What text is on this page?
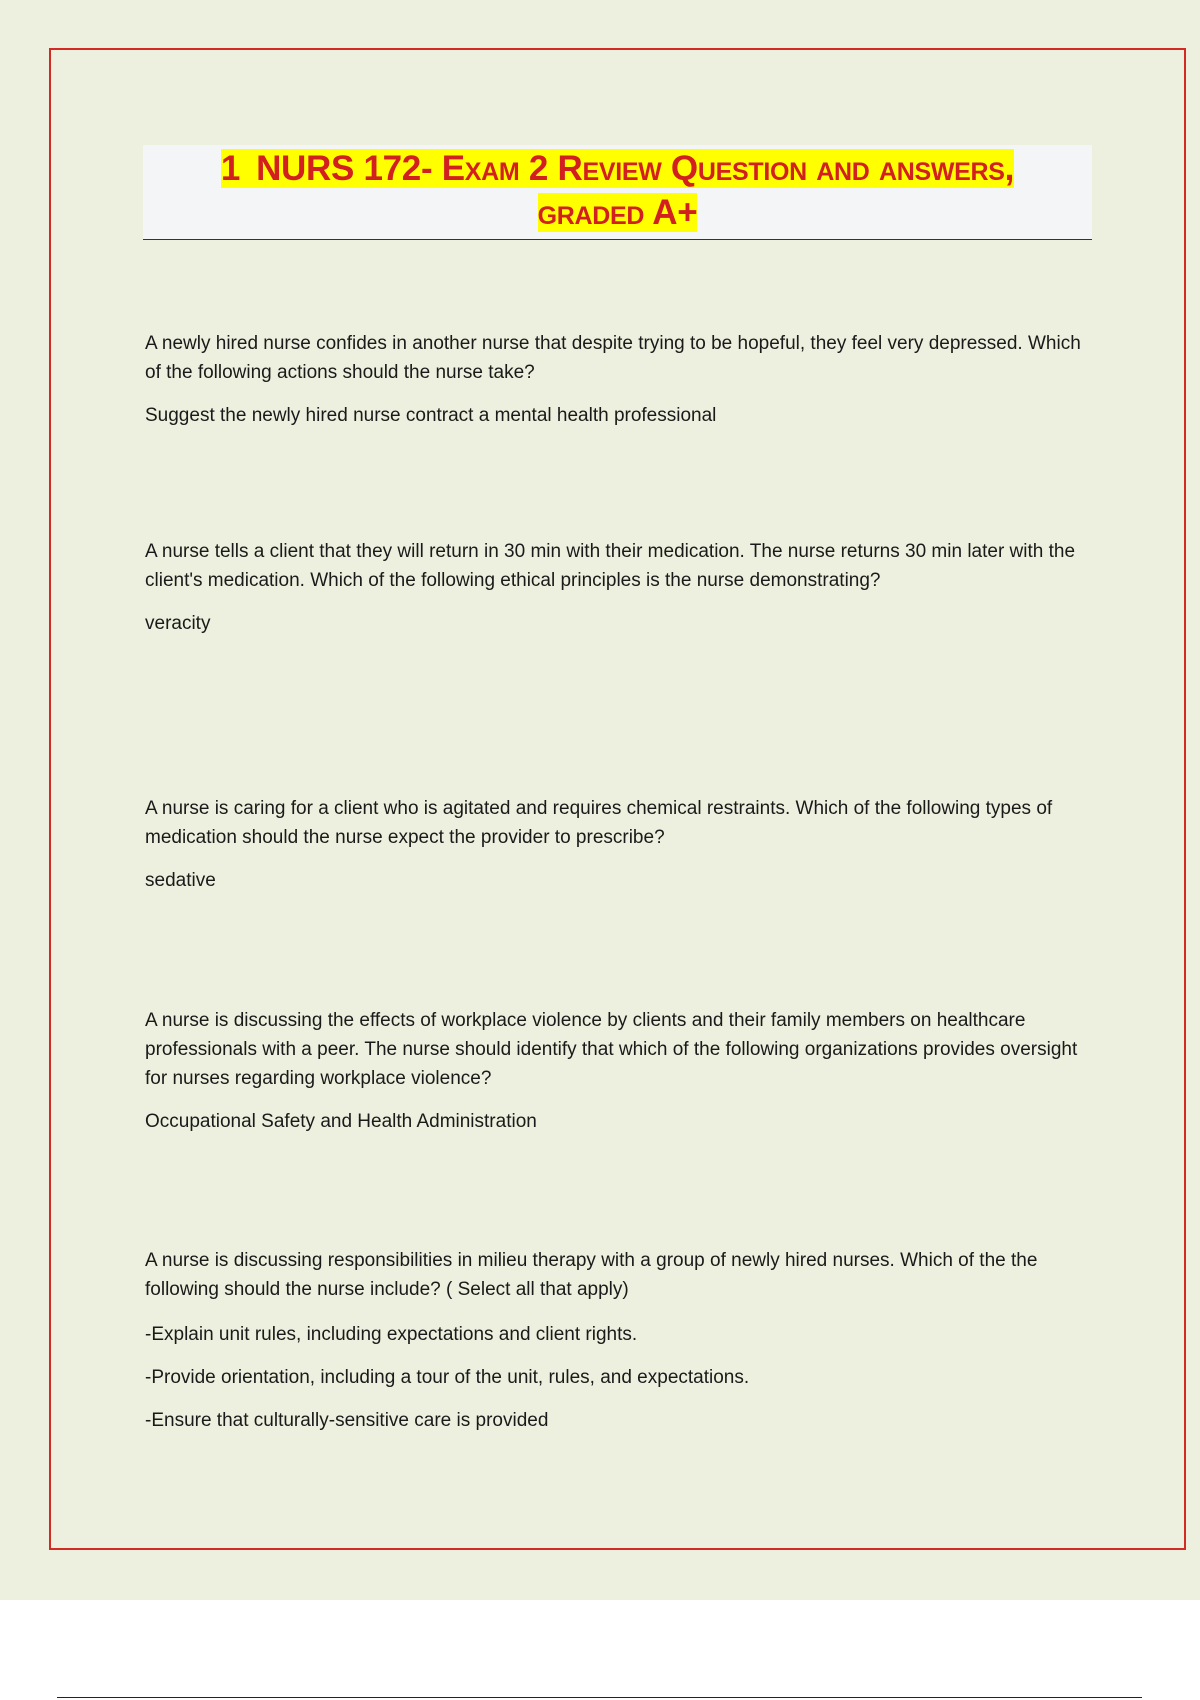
1 NURS 172- Exam 2 Review Question and answers,
graded A+

A newly hired nurse confides in another nurse that despite trying to be hopeful, they feel very depressed. Which of the following actions should the nurse take?

Suggest the newly hired nurse contract a mental health professional

A nurse tells a client that they will return in 30 min with their medication. The nurse returns 30 min later with the client's medication. Which of the following ethical principles is the nurse demonstrating?

veracity

A nurse is caring for a client who is agitated and requires chemical restraints. Which of the following types of medication should the nurse expect the provider to prescribe?

sedative

A nurse is discussing the effects of workplace violence by clients and their family members on healthcare professionals with a peer. The nurse should identify that which of the following organizations provides oversight for nurses regarding workplace violence?

Occupational Safety and Health Administration

A nurse is discussing responsibilities in milieu therapy with a group of newly hired nurses. Which of the the following should the nurse include? ( Select all that apply)

-Explain unit rules, including expectations and client rights.

-Provide orientation, including a tour of the unit, rules, and expectations.

-Ensure that culturally-sensitive care is provided
